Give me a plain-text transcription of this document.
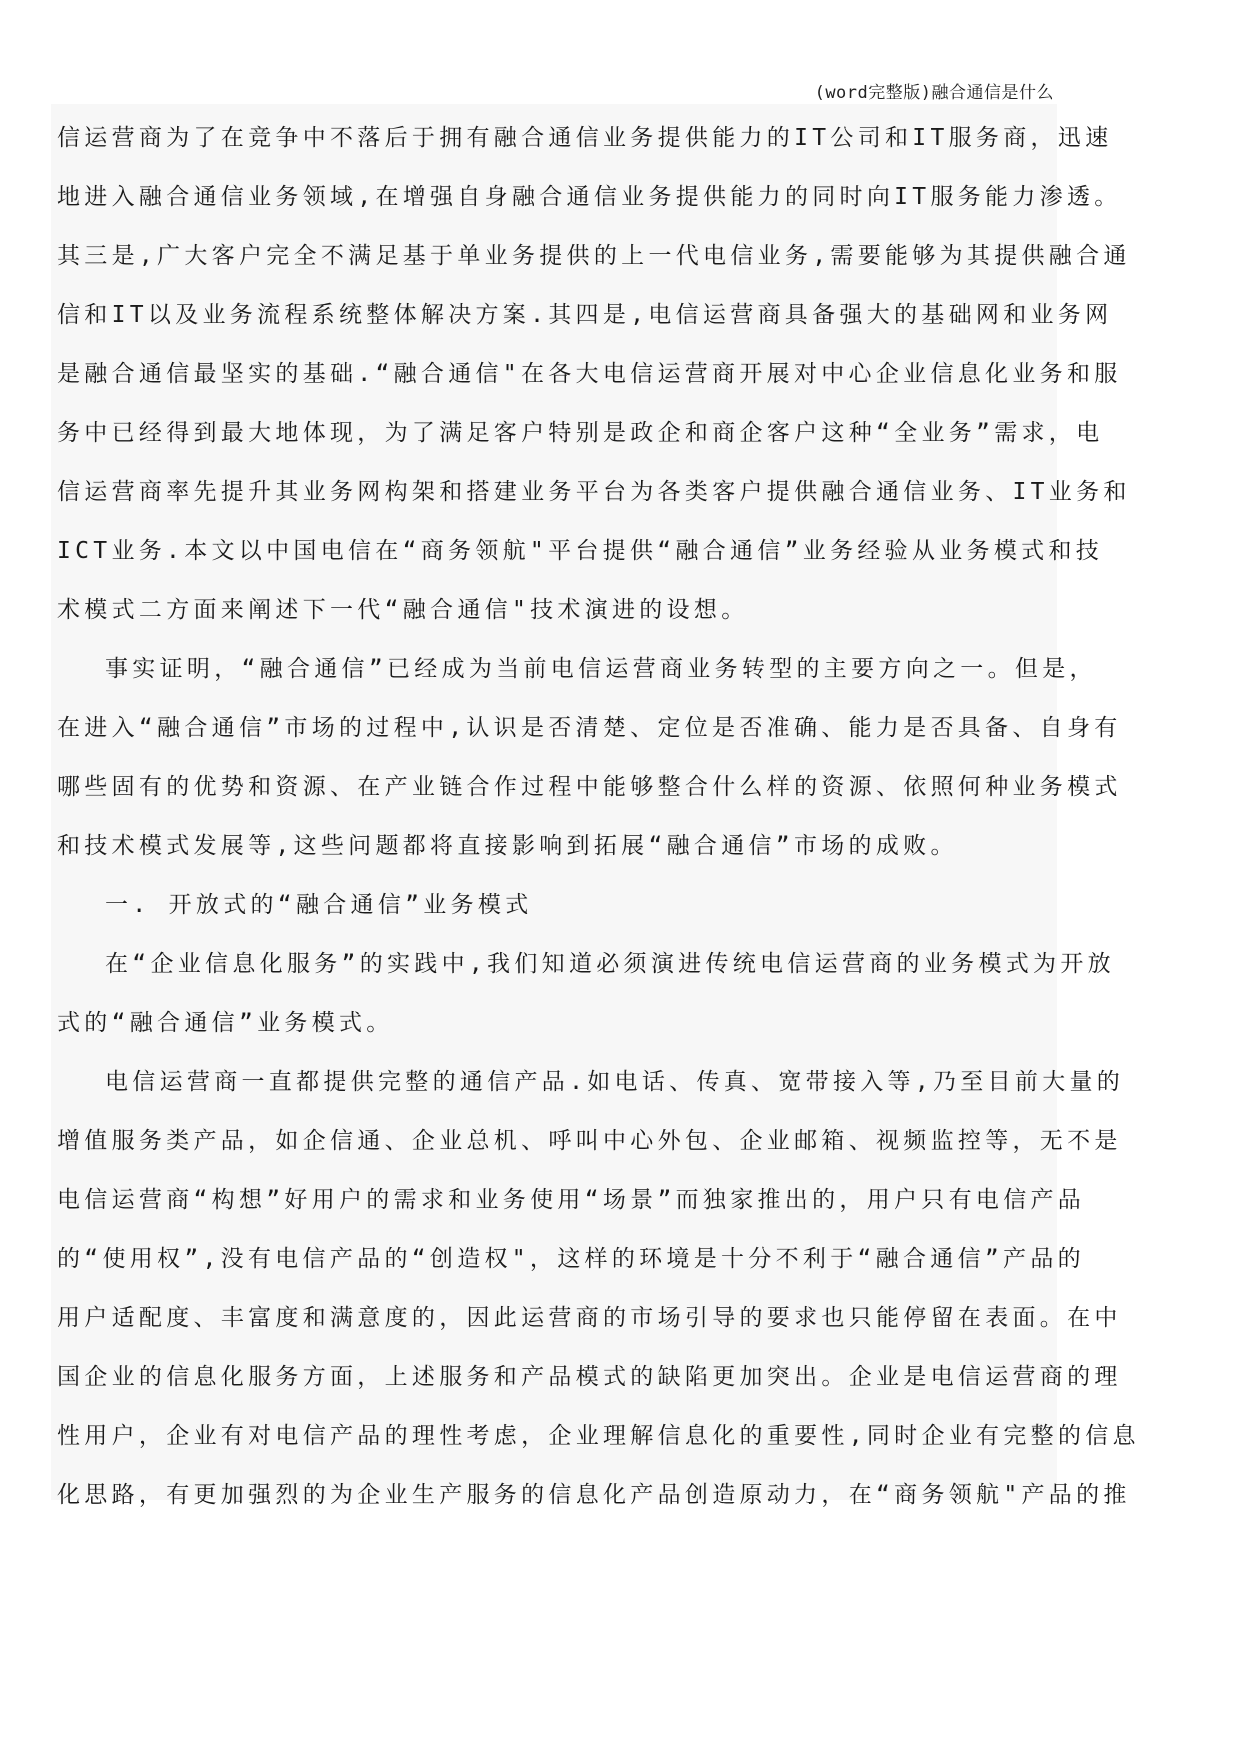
(word完整版)融合通信是什么
信运营商为了在竞争中不落后于拥有融合通信业务提供能力的IT公司和IT服务商，迅速
地进入融合通信业务领域,在增强自身融合通信业务提供能力的同时向IT服务能力渗透。
其三是,广大客户完全不满足基于单业务提供的上一代电信业务,需要能够为其提供融合通
信和IT以及业务流程系统整体解决方案.其四是,电信运营商具备强大的基础网和业务网
是融合通信最坚实的基础.“融合通信"在各大电信运营商开展对中心企业信息化业务和服
务中已经得到最大地体现，为了满足客户特别是政企和商企客户这种“全业务”需求，电
信运营商率先提升其业务网构架和搭建业务平台为各类客户提供融合通信业务、IT业务和
ICT业务.本文以中国电信在“商务领航"平台提供“融合通信”业务经验从业务模式和技
术模式二方面来阐述下一代“融合通信"技术演进的设想。
事实证明，“融合通信”已经成为当前电信运营商业务转型的主要方向之一。但是，
在进入“融合通信”市场的过程中,认识是否清楚、定位是否准确、能力是否具备、自身有
哪些固有的优势和资源、在产业链合作过程中能够整合什么样的资源、依照何种业务模式
和技术模式发展等,这些问题都将直接影响到拓展“融合通信”市场的成败。
一. 开放式的“融合通信”业务模式
在“企业信息化服务”的实践中,我们知道必须演进传统电信运营商的业务模式为开放
式的“融合通信”业务模式。
电信运营商一直都提供完整的通信产品.如电话、传真、宽带接入等,乃至目前大量的
增值服务类产品，如企信通、企业总机、呼叫中心外包、企业邮箱、视频监控等，无不是
电信运营商“构想”好用户的需求和业务使用“场景”而独家推出的，用户只有电信产品
的“使用权”,没有电信产品的“创造权"，这样的环境是十分不利于“融合通信”产品的
用户适配度、丰富度和满意度的，因此运营商的市场引导的要求也只能停留在表面。在中
国企业的信息化服务方面，上述服务和产品模式的缺陷更加突出。企业是电信运营商的理
性用户，企业有对电信产品的理性考虑，企业理解信息化的重要性,同时企业有完整的信息
化思路，有更加强烈的为企业生产服务的信息化产品创造原动力，在“商务领航"产品的推
